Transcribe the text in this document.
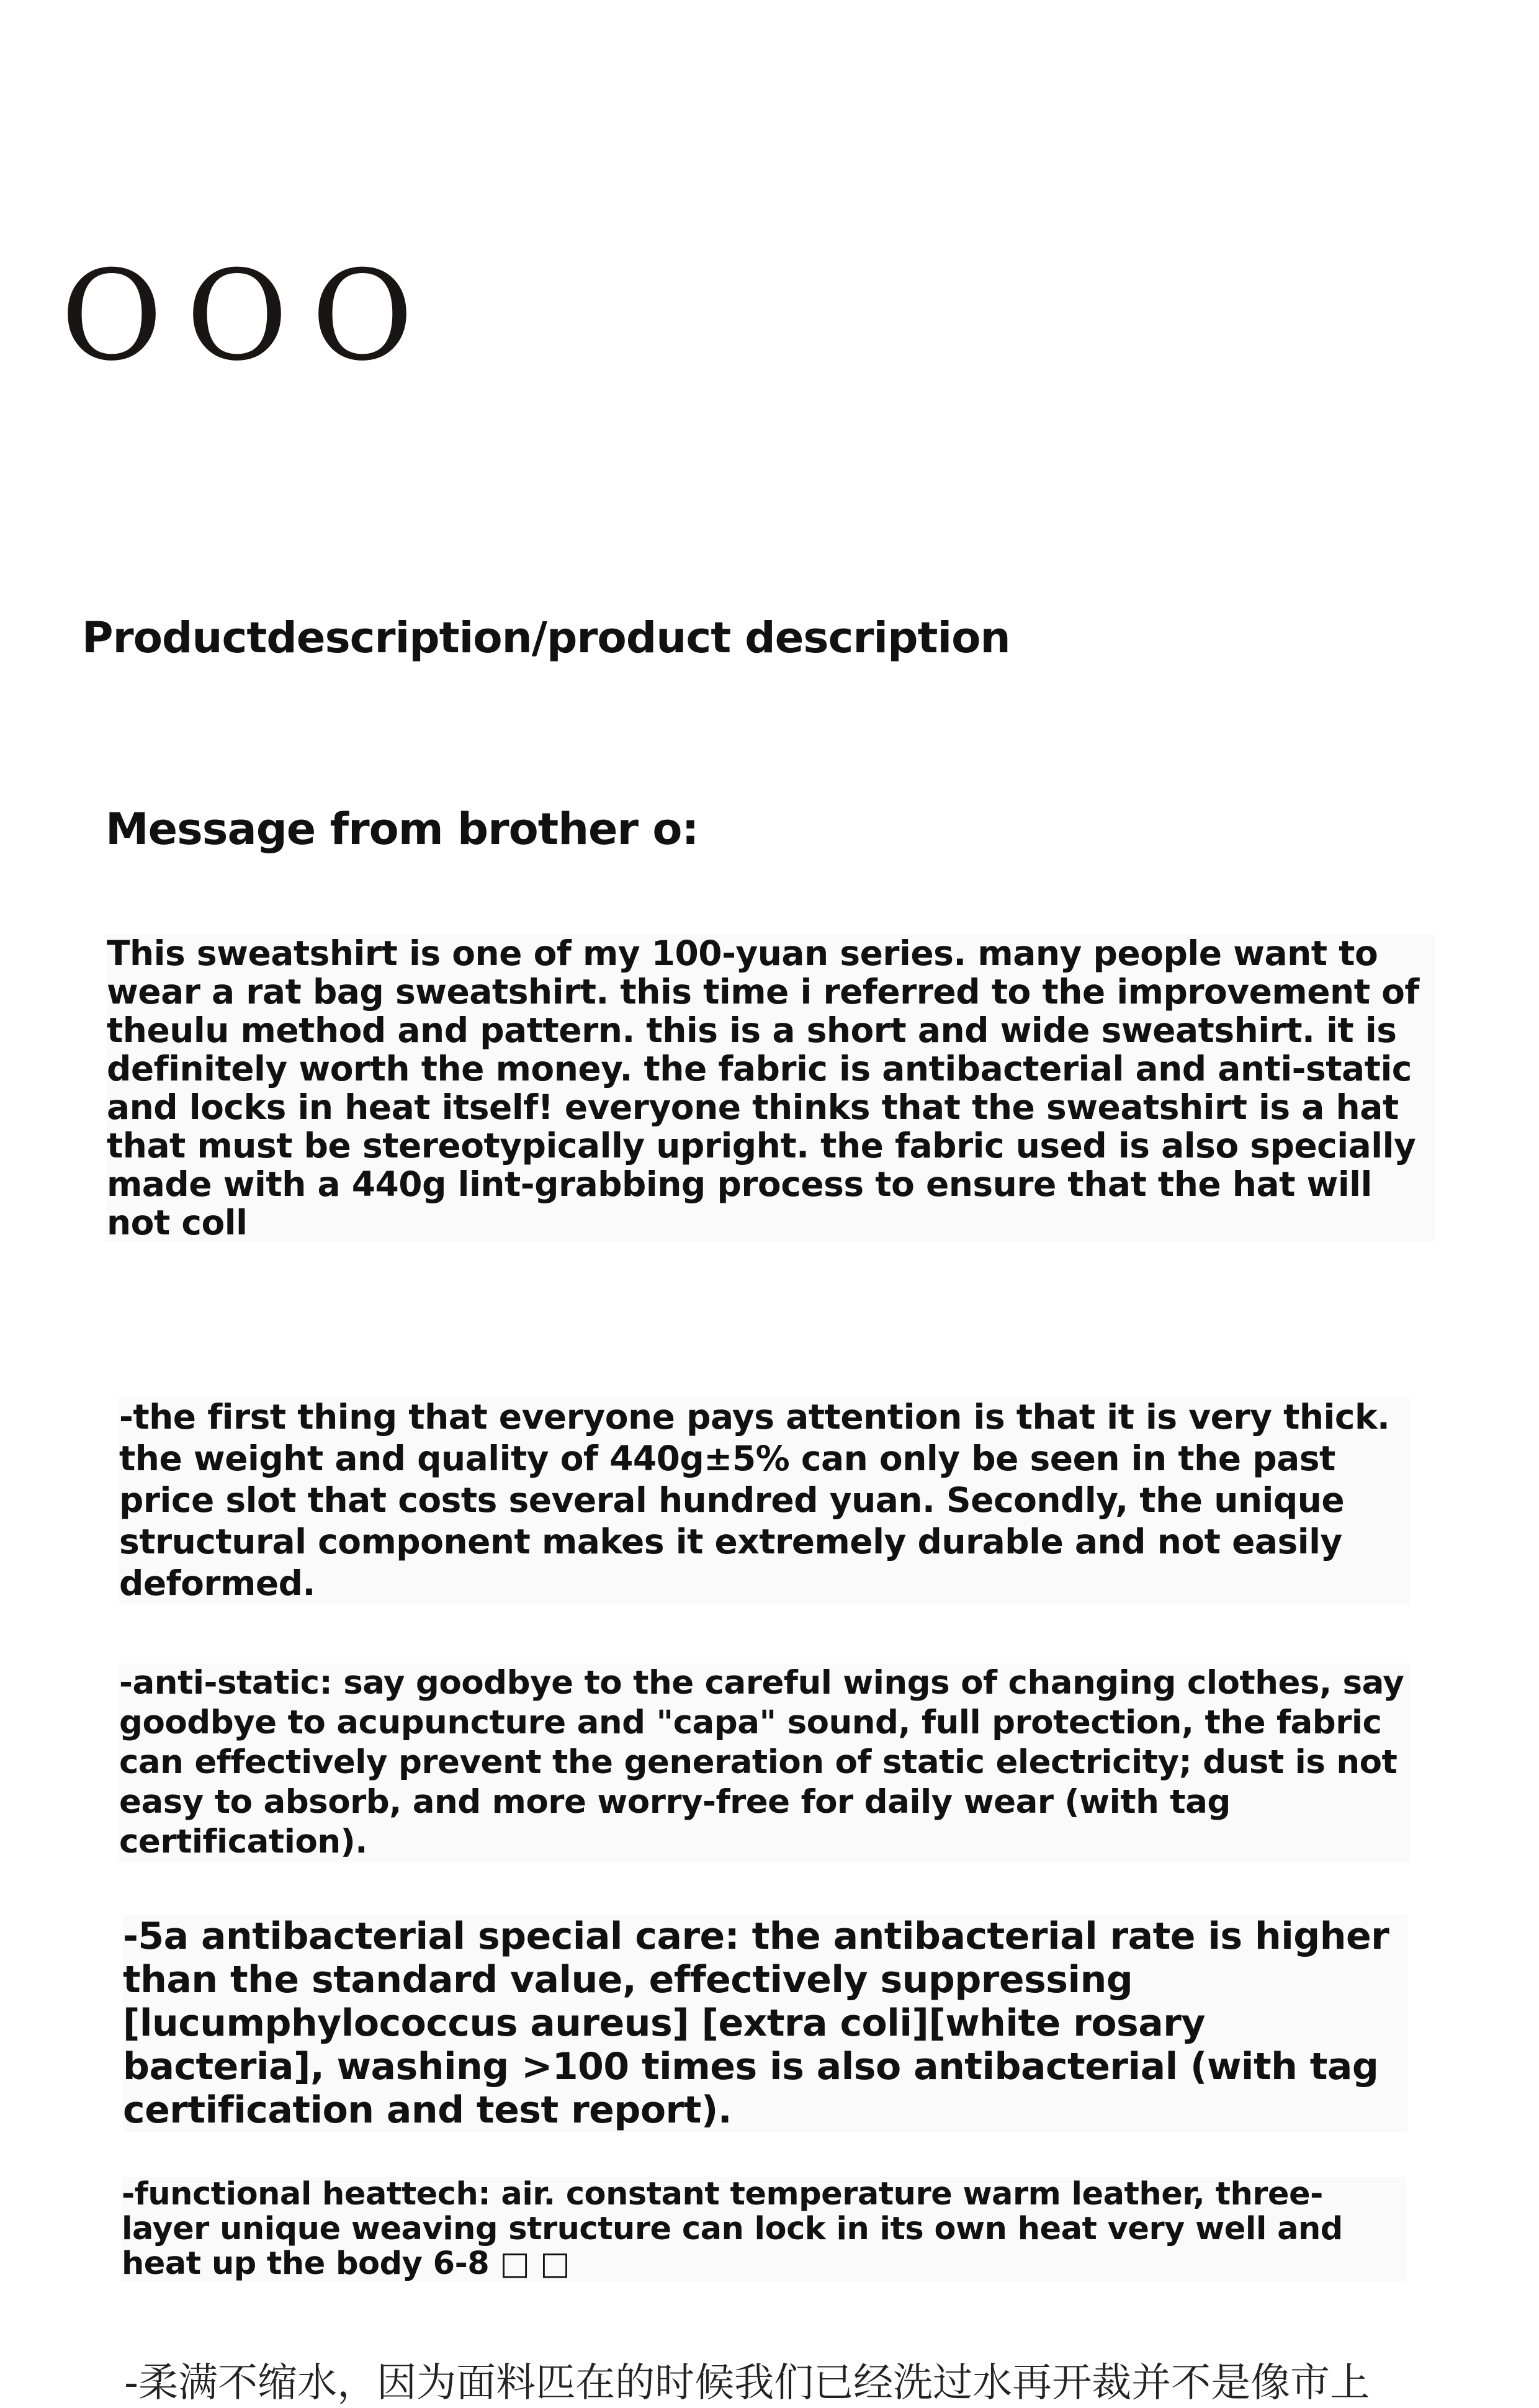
O O O
Productdescription/product description
Message from brother o:
This sweatshirt is one of my 100-yuan series. many people want to wear a rat bag sweatshirt. this time i referred to the improvement of theulu method and pattern. this is a short and wide sweatshirt. it is definitely worth the money. the fabric is antibacterial and anti-static and locks in heat itself! everyone thinks that the sweatshirt is a hat that must be stereotypically upright. the fabric used is also specially made with a 440g lint-grabbing process to ensure that the hat will not coll
-the first thing that everyone pays attention is that it is very thick. the weight and quality of 440g±5% can only be seen in the past price slot that costs several hundred yuan. Secondly, the unique structural component makes it extremely durable and not easily deformed.
-anti-static: say goodbye to the careful wings of changing clothes, say goodbye to acupuncture and "capa" sound, full protection, the fabric can effectively prevent the generation of static electricity; dust is not easy to absorb, and more worry-free for daily wear (with tag certification).
-5a antibacterial special care: the antibacterial rate is higher than the standard value, effectively suppressing [lucumphylococcus aureus] [extra coli][white rosary bacteria], washing >100 times is also antibacterial (with tag certification and test report).
-functional heattech: air. constant temperature warm leather, three-layer unique weaving structure can lock in its own heat very well and heat up the body 6-8 □ □
-柔满不缩水，因为面料匹在的时候我们已经洗过水再开裁并不是像市上
